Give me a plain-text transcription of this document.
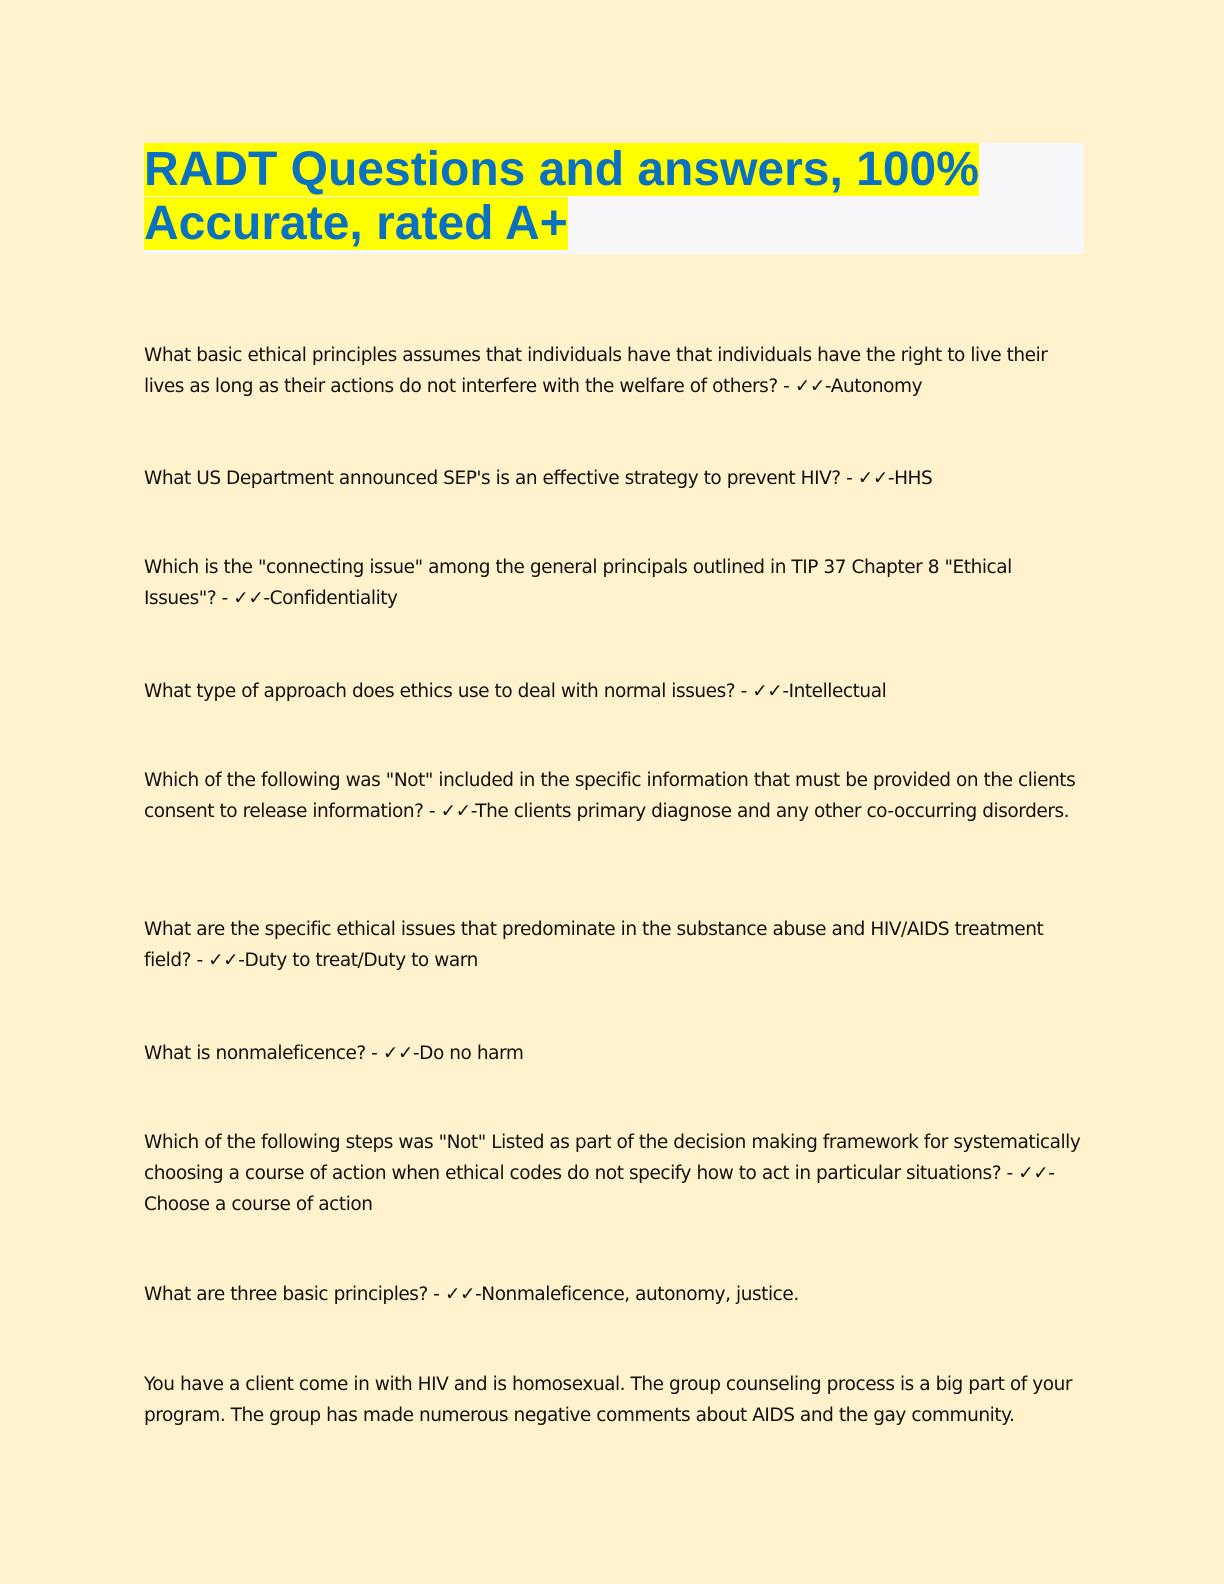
RADT Questions and answers, 100%
Accurate, rated A+

What basic ethical principles assumes that individuals have that individuals have the right to live their lives as long as their actions do not interfere with the welfare of others? - ✓✓-Autonomy

What US Department announced SEP's is an effective strategy to prevent HIV? - ✓✓-HHS

Which is the "connecting issue" among the general principals outlined in TIP 37 Chapter 8 "Ethical Issues"? - ✓✓-Confidentiality

What type of approach does ethics use to deal with normal issues? - ✓✓-Intellectual

Which of the following was "Not" included in the specific information that must be provided on the clients consent to release information? - ✓✓-The clients primary diagnose and any other co-occurring disorders.

What are the specific ethical issues that predominate in the substance abuse and HIV/AIDS treatment field? - ✓✓-Duty to treat/Duty to warn

What is nonmaleficence? - ✓✓-Do no harm

Which of the following steps was "Not" Listed as part of the decision making framework for systematically choosing a course of action when ethical codes do not specify how to act in particular situations? - ✓✓-Choose a course of action

What are three basic principles? - ✓✓-Nonmaleficence, autonomy, justice.

You have a client come in with HIV and is homosexual. The group counseling process is a big part of your program. The group has made numerous negative comments about AIDS and the gay community.
